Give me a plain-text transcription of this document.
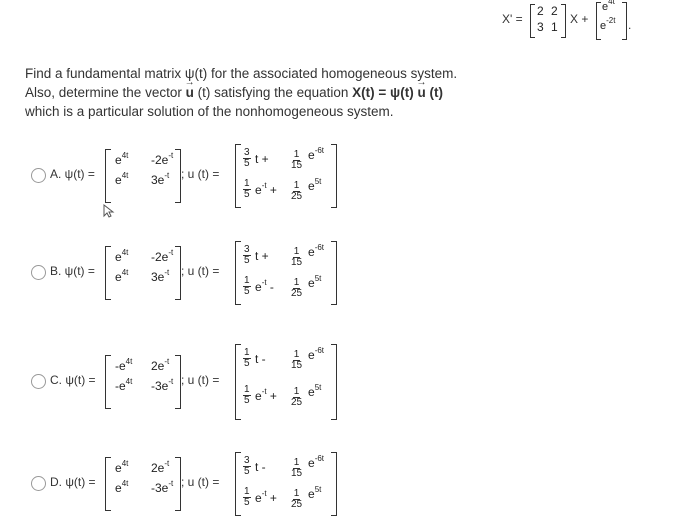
X' =
2 2
3 1
X +
$e^{4t}$
$e^{-2t}$ .
Find a fundamental matrix ψ(t) for the associated homogeneous system.
Also, determine the vector → u (t) satisfying the equation X(t) = ψ(t) → u (t)
which is a particular solution of the nonhomogeneous system.
A. ψ(t) =
$e^{4t}$ $-2e^{-t}$
$e^{4t}$ $3e^{-t}$ ; u (t) =
$\frac{3}{5}$ $t + \frac{1}{15} e^{-6t}$
$\frac{1}{5} e^{-t} + \frac{1}{25} e^{5t}$
B. ψ(t) =
$e^{4t}$ $-2e^{-t}$
$e^{4t}$ $3e^{-t}$ ; u (t) =
$\frac{3}{5}$ $t + \frac{1}{15} e^{-6t}$
$\frac{1}{5} e^{-t} - \frac{1}{25} e^{5t}$
C. ψ(t) =
$-e^{4t}$ $2e^{-t}$
$-e^{4t}$ $-3e^{-t}$ ; u (t) =
$\frac{1}{5}$ t -	$\frac{1}{15} e^{-6t}$
$\frac{1}{5} e^{-t} + \frac{1}{25} e^{5t}$
D. ψ(t) =
$e^{4t}$ $2e^{-t}$
$e^{4t}$ $-3e^{-t}$ ; u (t) =
$\frac{3}{5}$ t -	$\frac{1}{15} e^{-6t}$
$\frac{1}{5} e^{-t} + \frac{1}{25} e^{5t}$
